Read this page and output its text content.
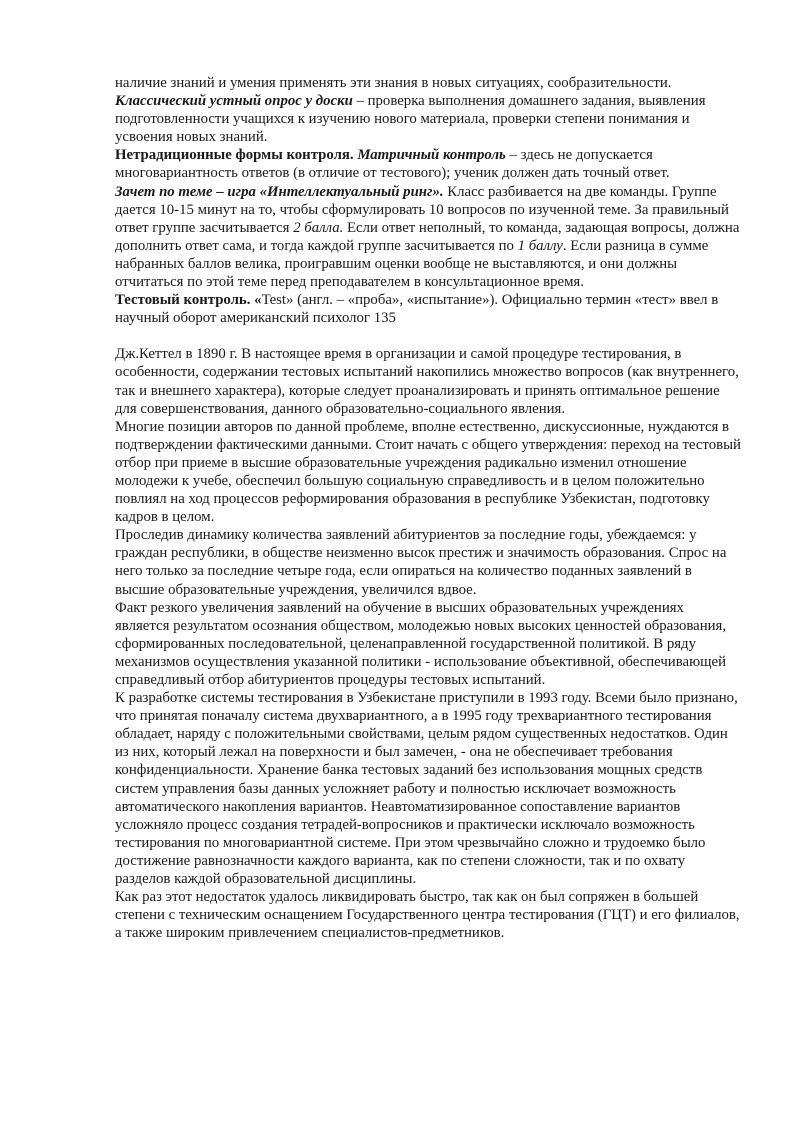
наличие знаний и умения применять эти знания в новых ситуациях, сообразительности.

Классический устный опрос у доски – проверка выполнения домашнего задания, выявления подготовленности учащихся к изучению нового материала, проверки степени понимания и усвоения новых знаний.

Нетрадиционные формы контроля. Матричный контроль – здесь не допускается многовариантность ответов (в отличие от тестового); ученик должен дать точный ответ.

Зачет по теме – игра «Интеллектуальный ринг». Класс разбивается на две команды. Группе дается 10-15 минут на то, чтобы сформулировать 10 вопросов по изученной теме. За правильный ответ группе засчитывается 2 балла. Если ответ неполный, то команда, задающая вопросы, должна дополнить ответ сама, и тогда каждой группе засчитывается по 1 баллу. Если разница в сумме набранных баллов велика, проигравшим оценки вообще не выставляются, и они должны отчитаться по этой теме перед преподавателем в консультационное время.

Тестовый контроль. «Test» (англ. – «проба», «испытание»). Официально термин «тест» ввел в научный оборот американский психолог 135

Дж.Кеттел в 1890 г. В настоящее время в организации и самой процедуре тестирования, в особенности, содержании тестовых испытаний накопились множество вопросов (как внутреннего, так и внешнего характера), которые следует проанализировать и принять оптимальное решение для совершенствования, данного образовательно-социального явления.

Многие позиции авторов по данной проблеме, вполне естественно, дискуссионные, нуждаются в подтверждении фактическими данными. Стоит начать с общего утверждения: переход на тестовый отбор при приеме в высшие образовательные учреждения радикально изменил отношение молодежи к учебе, обеспечил большую социальную справедливость и в целом положительно повлиял на ход процессов реформирования образования в республике Узбекистан, подготовку кадров в целом.

Проследив динамику количества заявлений абитуриентов за последние годы, убеждаемся: у граждан республики, в обществе неизменно высок престиж и значимость образования. Спрос на него только за последние четыре года, если опираться на количество поданных заявлений в высшие образовательные учреждения, увеличился вдвое.

Факт резкого увеличения заявлений на обучение в высших образовательных учреждениях является результатом осознания обществом, молодежью новых высоких ценностей образования, сформированных последовательной, целенаправленной государственной политикой. В ряду механизмов осуществления указанной политики - использование объективной, обеспечивающей справедливый отбор абитуриентов процедуры тестовых испытаний.

К разработке системы тестирования в Узбекистане приступили в 1993 году. Всеми было признано, что принятая поначалу система двухвариантного, а в 1995 году трехвариантного тестирования обладает, наряду с положительными свойствами, целым рядом существенных недостатков. Один из них, который лежал на поверхности и был замечен, - она не обеспечивает требования конфиденциальности. Хранение банка тестовых заданий без использования мощных средств систем управления базы данных усложняет работу и полностью исключает возможность автоматического накопления вариантов. Неавтоматизированное сопоставление вариантов усложняло процесс создания тетрадей-вопросников и практически исключало возможность тестирования по многовариантной системе. При этом чрезвычайно сложно и трудоемко было достижение равнозначности каждого варианта, как по степени сложности, так и по охвату разделов каждой образовательной дисциплины.

Как раз этот недостаток удалось ликвидировать быстро, так как он был сопряжен в большей степени с техническим оснащением Государственного центра тестирования (ГЦТ) и его филиалов, а также широким привлечением специалистов-предметников.
